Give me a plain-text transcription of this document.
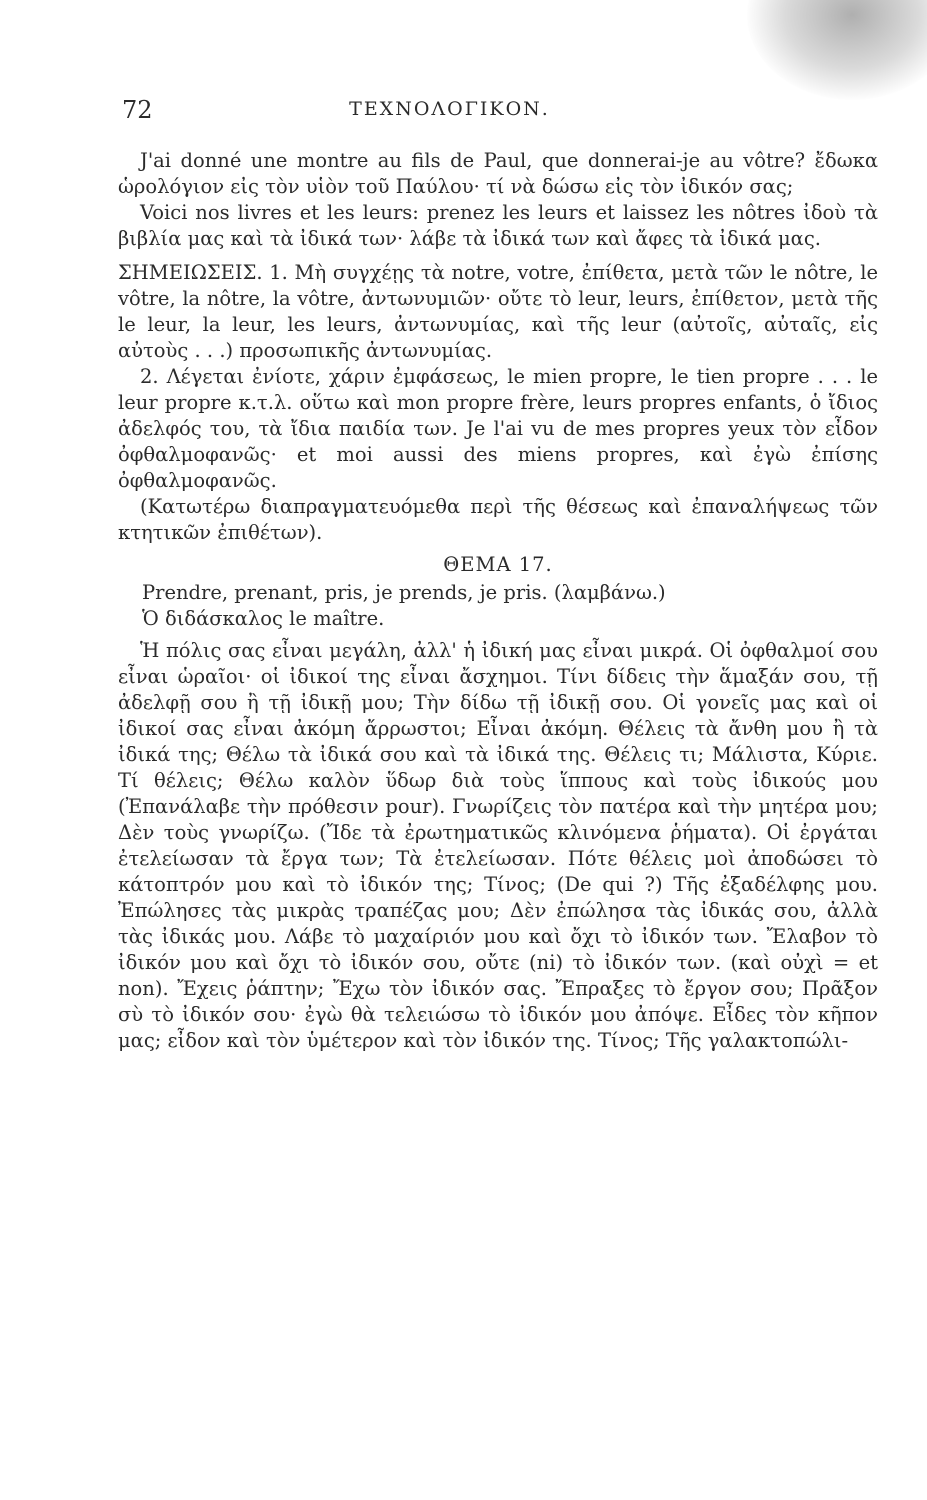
72	ΤΕΧΝΟΛΟΓΙΚΟΝ.

J'ai donné une montre au fils de Paul, que donnerai-je au vôtre? ἔδωκα ὡρολόγιον εἰς τὸν υἱὸν τοῦ Παύλου· τί νὰ δώσω εἰς τὸν ἰδικόν σας;

Voici nos livres et les leurs: prenez les leurs et laissez les nôtres ἰδοὺ τὰ βιβλία μας καὶ τὰ ἰδικά των· λάβε τὰ ἰδικά των καὶ ἄφες τὰ ἰδικά μας.

ΣΗΜΕΙΩΣΕΙΣ. 1. Μὴ συγχέῃς τὰ notre, votre, ἐπίθετα, μετὰ τῶν le nôtre, le vôtre, la nôtre, la vôtre, ἀντωνυμιῶν· οὔτε τὸ leur, leurs, ἐπίθετον, μετὰ τῆς le leur, la leur, les leurs, ἀντωνυμίας, καὶ τῆς leur (αὐτοῖς, αὐταῖς, εἰς αὐτοὺς . . .) προσωπικῆς ἀντωνυμίας.

2. Λέγεται ἐνίοτε, χάριν ἐμφάσεως, le mien propre, le tien propre . . . le leur propre κ.τ.λ. οὕτω καὶ mon propre frère, leurs propres enfants, ὁ ἴδιος ἀδελφός του, τὰ ἴδια παιδία των. Je l'ai vu de mes propres yeux τὸν εἶδον ὀφθαλμοφανῶς· et moi aussi des miens propres, καὶ ἐγὼ ἐπίσης ὀφθαλμοφανῶς.

(Κατωτέρω διαπραγματευόμεθα περὶ τῆς θέσεως καὶ ἐπαναλήψεως τῶν κτητικῶν ἐπιθέτων).

ΘΕΜΑ 17.

Prendre, prenant, pris, je prends, je pris. (λαμβάνω.)

Ὁ διδάσκαλος le maître.

Ἡ πόλις σας εἶναι μεγάλη, ἀλλ' ἡ ἰδική μας εἶναι μικρά. Οἱ ὀφθαλμοί σου εἶναι ὡραῖοι· οἱ ἰδικοί της εἶναι ἄσχημοι. Τίνι δίδεις τὴν ἅμαξάν σου, τῇ ἀδελφῇ σου ἢ τῇ ἰδικῇ μου; Τὴν δίδω τῇ ἰδικῇ σου. Οἱ γονεῖς μας καὶ οἱ ἰδικοί σας εἶναι ἀκόμη ἄρρωστοι; Εἶναι ἀκόμη. Θέλεις τὰ ἄνθη μου ἢ τὰ ἰδικά της; Θέλω τὰ ἰδικά σου καὶ τὰ ἰδικά της. Θέλεις τι; Μάλιστα, Κύριε. Τί θέλεις; Θέλω καλὸν ὕδωρ διὰ τοὺς ἵππους καὶ τοὺς ἰδικούς μου (Ἐπανάλαβε τὴν πρόθεσιν pour). Γνωρίζεις τὸν πατέρα καὶ τὴν μητέρα μου; Δὲν τοὺς γνωρίζω. (Ἴδε τὰ ἐρωτηματικῶς κλινόμενα ῥήματα). Οἱ ἐργάται ἐτελείωσαν τὰ ἔργα των; Τὰ ἐτελείωσαν. Πότε θέλεις μοὶ ἀποδώσει τὸ κάτοπτρόν μου καὶ τὸ ἰδικόν της; Τίνος; (De qui ?) Τῆς ἐξαδέλφης μου. Ἐπώλησες τὰς μικρὰς τραπέζας μου; Δὲν ἐπώλησα τὰς ἰδικάς σου, ἀλλὰ τὰς ἰδικάς μου. Λάβε τὸ μαχαίριόν μου καὶ ὄχι τὸ ἰδικόν των. Ἔλαβον τὸ ἰδικόν μου καὶ ὄχι τὸ ἰδικόν σου, οὔτε (ni) τὸ ἰδικόν των. (καὶ οὐχὶ = et non). Ἔχεις ῥάπτην; Ἔχω τὸν ἰδικόν σας. Ἔπραξες τὸ ἔργον σου; Πρᾶξον σὺ τὸ ἰδικόν σου· ἐγὼ θὰ τελειώσω τὸ ἰδικόν μου ἀπόψε. Εἶδες τὸν κῆπον μας; εἶδον καὶ τὸν ὑμέτερον καὶ τὸν ἰδικόν της. Τίνος; Τῆς γαλακτοπώλι-
